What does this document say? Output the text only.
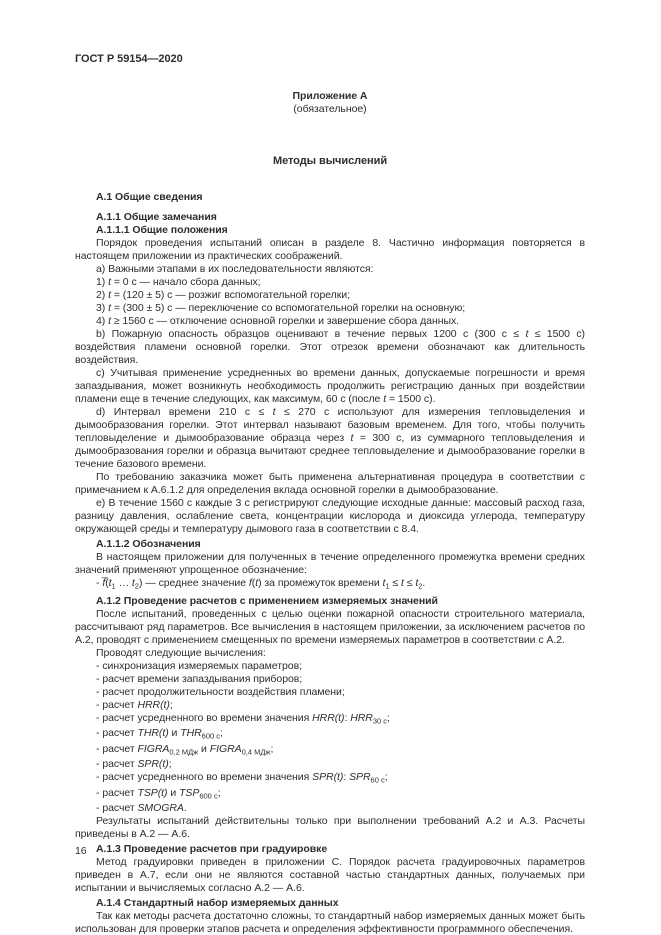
ГОСТ Р 59154—2020
Приложение А
(обязательное)
Методы вычислений
А.1 Общие сведения
А.1.1 Общие замечания
А.1.1.1 Общие положения

Порядок проведения испытаний описан в разделе 8. Частично информация повторяется в настоящем приложении из практических соображений.

a) Важными этапами в их последовательности являются:

1) t = 0 с — начало сбора данных;

2) t = (120 ± 5) с — розжиг вспомогательной горелки;

3) t = (300 ± 5) с — переключение со вспомогательной горелки на основную;

4) t ≥ 1560 с — отключение основной горелки и завершение сбора данных.

b) Пожарную опасность образцов оценивают в течение первых 1200 с (300 с ≤ t ≤ 1500 с) воздействия пламени основной горелки. Этот отрезок времени обозначают как длительность воздействия.

c) Учитывая применение усредненных во времени данных, допускаемые погрешности и время запаздывания, может возникнуть необходимость продолжить регистрацию данных при воздействии пламени еще в течение следующих, как максимум, 60 с (после t = 1500 с).

d) Интервал времени 210 с ≤ t ≤ 270 с используют для измерения тепловыделения и дымообразования горелки. Этот интервал называют базовым временем. Для того, чтобы получить тепловыделение и дымообразование образца через t = 300 с, из суммарного тепловыделения и дымообразования горелки и образца вычитают среднее тепловыделение и дымообразование горелки в течение базового времени.

По требованию заказчика может быть применена альтернативная процедура в соответствии с примечанием к А.6.1.2 для определения вклада основной горелки в дымообразование.

e) В течение 1560 с каждые 3 с регистрируют следующие исходные данные: массовый расход газа, разницу давления, ослабление света, концентрации кислорода и диоксида углерода, температуру окружающей среды и температуру дымового газа в соответствии с 8.4.

А.1.1.2 Обозначения

В настоящем приложении для полученных в течение определенного промежутка времени средних значений применяют упрощенное обозначение:

- $f̅(t_1$ … $t_2$) — среднее значение f(t) за промежуток времени $t_1 \le t \le t_2$.

А.1.2 Проведение расчетов с применением измеряемых значений

После испытаний, проведенных с целью оценки пожарной опасности строительного материала, рассчитывают ряд параметров. Все вычисления в настоящем приложении, за исключением расчетов по А.2, проводят с применением смещенных по времени измеряемых параметров в соответствии с А.2.

Проводят следующие вычисления:

- синхронизация измеряемых параметров;

- расчет времени запаздывания приборов;

- расчет продолжительности воздействия пламени;

- расчет HRR(t);

- расчет усредненного во времени значения HRR(t): $HRR_{30 с}$;

- расчет THR(t) и $THR_{600 с}$;

- расчет $FIGRA_{0,2 МДж}$ и $FIGRA_{0,4 МДж}$;

- расчет SPR(t);

- расчет усредненного во времени значения SPR(t): $SPR_{60 с}$;

- расчет TSP(t) и $TSP_{600 с}$;

- расчет SMOGRA.

Результаты испытаний действительны только при выполнении требований А.2 и А.3. Расчеты приведены в А.2 — А.6.

А.1.3 Проведение расчетов при градуировке

Метод градуировки приведен в приложении С. Порядок расчета градуировочных параметров приведен в А.7, если они не являются составной частью стандартных данных, получаемых при испытании и вычисляемых согласно А.2 — А.6.

А.1.4 Стандартный набор измеряемых данных

Так как методы расчета достаточно сложны, то стандартный набор измеряемых данных может быть использован для проверки этапов расчета и определения эффективности программного обеспечения.

16
